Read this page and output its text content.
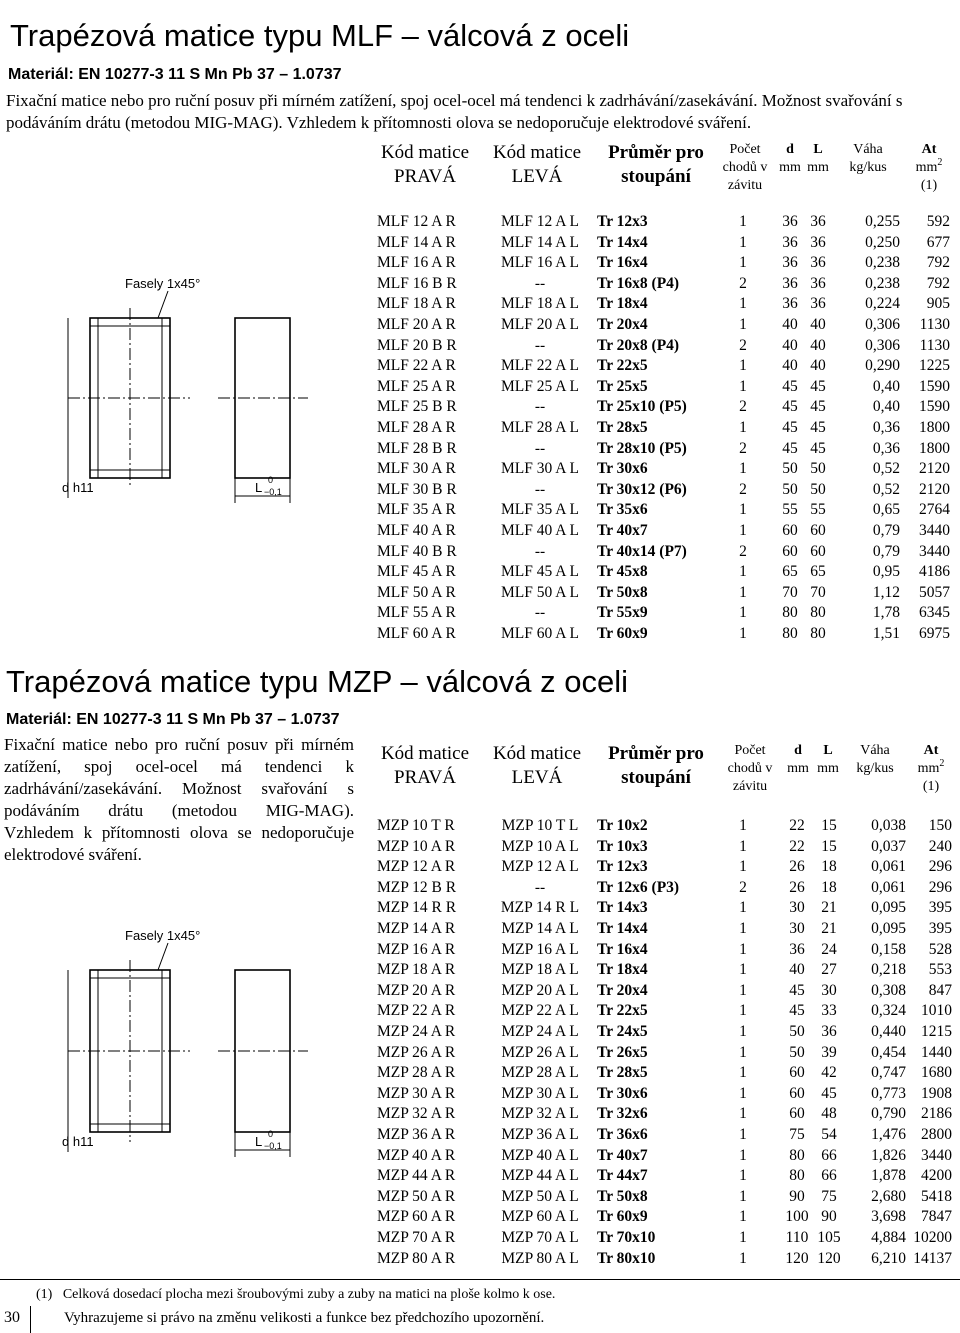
Trapézová matice typu MLF – válcová z oceli
Materiál: EN 10277-3 11 S Mn Pb 37 – 1.0737
Fixační matice nebo pro ruční posuv při mírném zatížení, spoj ocel-ocel má tendenci k zadrhávání/zasekávání. Možnost svařování s podáváním drátu (metodou MIG-MAG). Vzhledem k přítomnosti olova se nedoporučuje elektrodové sváření.
Fasely 1x45°
d h11	L 0
−0,1
Kód matice
PRAVÁ
Kód matice
LEVÁ
Průměr pro
stoupání
Počet
chodů v
závitu
d
mm
L
mm
Váha
kg/kus
At
$mm^2$
(1)
MLF 12 A R	MLF 12 A L	Tr 12x3	1	36 36	0,255	592
MLF 14 A R	MLF 14 A L	Tr 14x4	1	36 36	0,250	677
MLF 16 A R	MLF 16 A L	Tr 16x4	1	36 36	0,238	792
MLF 16 B R	--	Tr 16x8 (P4)	2	36 36	0,238	792
MLF 18 A R	MLF 18 A L	Tr 18x4	1	36 36	0,224	905
MLF 20 A R	MLF 20 A L	Tr 20x4	1	40 40	0,306	1130
MLF 20 B R	--	Tr 20x8 (P4)	2	40 40	0,306	1130
MLF 22 A R	MLF 22 A L	Tr 22x5	1	40 40	0,290	1225
MLF 25 A R	MLF 25 A L	Tr 25x5	1	45 45	0,40	1590
MLF 25 B R	--	Tr 25x10 (P5)	2	45 45	0,40	1590
MLF 28 A R	MLF 28 A L	Tr 28x5	1	45 45	0,36	1800
MLF 28 B R	--	Tr 28x10 (P5)	2	45 45	0,36	1800
MLF 30 A R	MLF 30 A L	Tr 30x6	1	50 50	0,52	2120
MLF 30 B R	--	Tr 30x12 (P6)	2	50 50	0,52	2120
MLF 35 A R	MLF 35 A L	Tr 35x6	1	55 55	0,65	2764
MLF 40 A R	MLF 40 A L	Tr 40x7	1	60 60	0,79	3440
MLF 40 B R	--	Tr 40x14 (P7)	2	60 60	0,79	3440
MLF 45 A R	MLF 45 A L	Tr 45x8	1	65 65	0,95	4186
MLF 50 A R	MLF 50 A L	Tr 50x8	1	70 70	1,12	5057
MLF 55 A R	--	Tr 55x9	1	80 80	1,78	6345
MLF 60 A R	MLF 60 A L	Tr 60x9	1	80 80	1,51	6975
Trapézová matice typu MZP – válcová z oceli
Materiál: EN 10277-3 11 S Mn Pb 37 – 1.0737
Fixační matice nebo pro ruční posuv při mírném zatížení, spoj ocel-ocel má tendenci k zadrhávání/zasekávání. Možnost svařování s podáváním drátu (metodou MIG-MAG). Vzhledem k přítomnosti olova se nedoporučuje elektrodové sváření.
Fasely 1x45°
d h11	L 0
−0,1
Kód matice
PRAVÁ
Kód matice
LEVÁ
Průměr pro
stoupání
Počet
chodů v
závitu
d
mm
L
mm
Váha
kg/kus
At
$mm^2$
(1)
MZP 10 T R	MZP 10 T L	Tr 10x2	1	22	15	0,038	150
MZP 10 A R	MZP 10 A L	Tr 10x3	1	22	15	0,037	240
MZP 12 A R	MZP 12 A L	Tr 12x3	1	26	18	0,061	296
MZP 12 B R	--	Tr 12x6 (P3)	2	26	18	0,061	296
MZP 14 R R	MZP 14 R L	Tr 14x3	1	30	21	0,095	395
MZP 14 A R	MZP 14 A L	Tr 14x4	1	30	21	0,095	395
MZP 16 A R	MZP 16 A L	Tr 16x4	1	36	24	0,158	528
MZP 18 A R	MZP 18 A L	Tr 18x4	1	40	27	0,218	553
MZP 20 A R	MZP 20 A L	Tr 20x4	1	45	30	0,308	847
MZP 22 A R	MZP 22 A L	Tr 22x5	1	45	33	0,324 1010
MZP 24 A R	MZP 24 A L	Tr 24x5	1	50	36	0,440 1215
MZP 26 A R	MZP 26 A L	Tr 26x5	1	50	39	0,454 1440
MZP 28 A R	MZP 28 A L	Tr 28x5	1	60	42	0,747 1680
MZP 30 A R	MZP 30 A L	Tr 30x6	1	60	45	0,773 1908
MZP 32 A R	MZP 32 A L	Tr 32x6	1	60	48	0,790 2186
MZP 36 A R	MZP 36 A L	Tr 36x6	1	75	54	1,476 2800
MZP 40 A R	MZP 40 A L	Tr 40x7	1	80	66	1,826 3440
MZP 44 A R	MZP 44 A L	Tr 44x7	1	80	66	1,878 4200
MZP 50 A R	MZP 50 A L	Tr 50x8	1	90	75	2,680 5418
MZP 60 A R	MZP 60 A L	Tr 60x9	1	100 90	3,698 7847
MZP 70 A R	MZP 70 A L	Tr 70x10	1	110 105	4,884 10200
MZP 80 A R	MZP 80 A L	Tr 80x10	1	120 120	6,210 14137
(1) Celková dosedací plocha mezi šroubovými zuby a zuby na matici na ploše kolmo k ose.
30	Vyhrazujeme si právo na změnu velikosti a funkce bez předchozího upozornění.
